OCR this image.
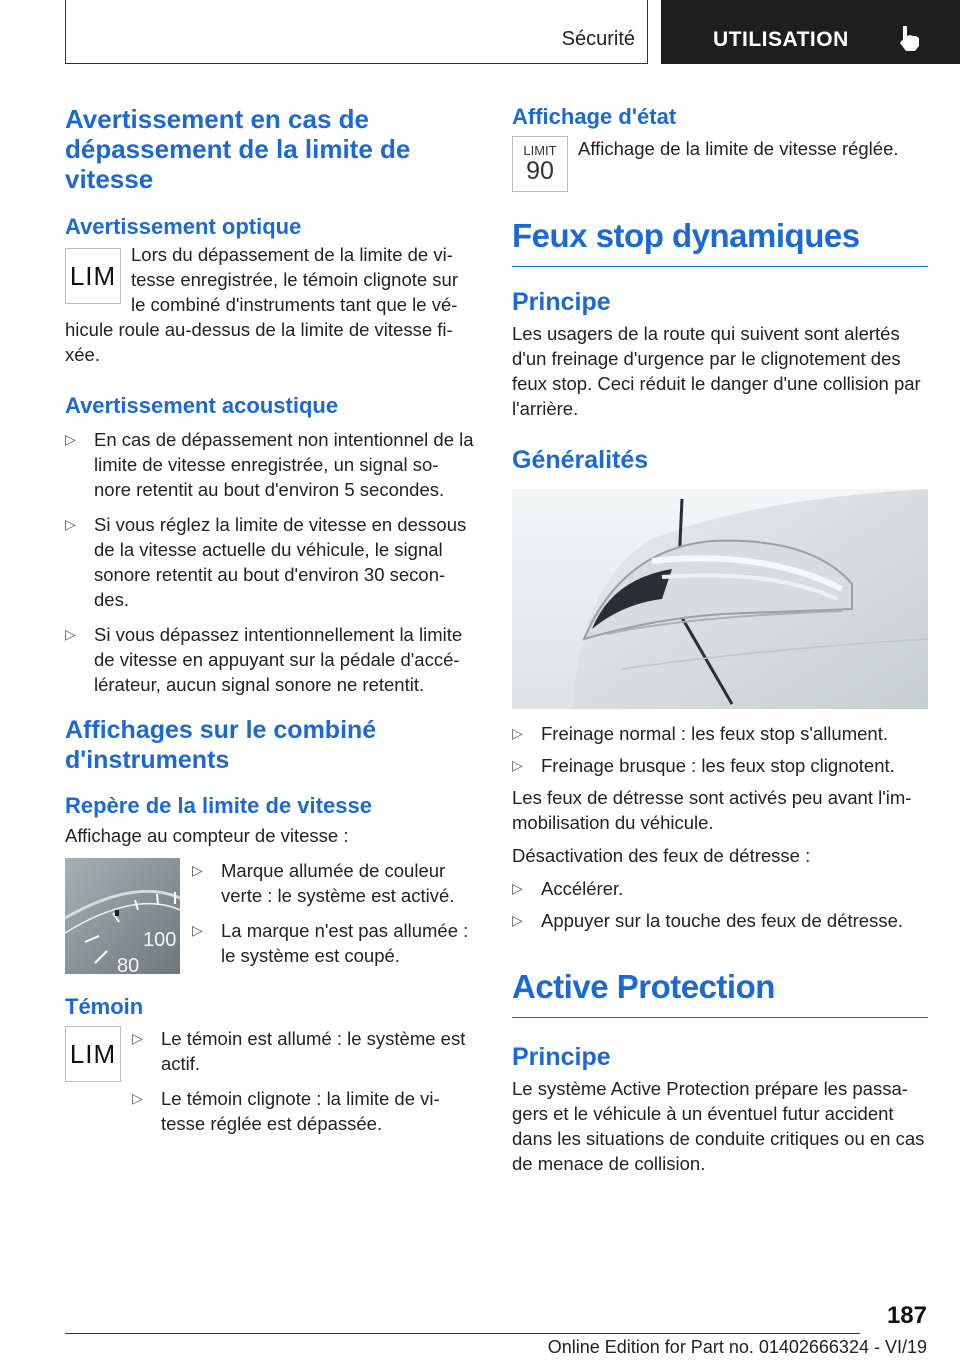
Sécurité	UTILISATION
Avertissement en cas de dépassement de la limite de vitesse
Avertissement optique
LIM

Lors du dépassement de la limite de vi-tesse enregistrée, le témoin clignote sur le combiné d'instruments tant que le vé-hicule roule au-dessus de la limite de vitesse fi-xée.

Avertissement acoustique
▷ En cas de dépassement non intentionnel de la limite de vitesse enregistrée, un signal so-nore retentit au bout d'environ 5 secondes.
▷ Si vous réglez la limite de vitesse en dessous de la vitesse actuelle du véhicule, le signal sonore retentit au bout d'environ 30 secon-des.
▷ Si vous dépassez intentionnellement la limite de vitesse en appuyant sur la pédale d'accé-lérateur, aucun signal sonore ne retentit.
Affichages sur le combiné d'instruments
Repère de la limite de vitesse

Affichage au compteur de vitesse :

100
80
▷ Marque allumée de couleur verte : le système est activé.
▷ La marque n'est pas allumée : le système est coupé.
Témoin
LIM
▷ Le témoin est allumé : le système est actif.
▷ Le témoin clignote : la limite de vi-tesse réglée est dépassée.
Affichage d'état
LIMIT
90

Affichage de la limite de vitesse réglée.

Feux stop dynamiques
Principe

Les usagers de la route qui suivent sont alertés d'un freinage d'urgence par le clignotement des feux stop. Ceci réduit le danger d'une collision par l'arrière.

Généralités
▷ Freinage normal : les feux stop s'allument.
▷ Freinage brusque : les feux stop clignotent.

Les feux de détresse sont activés peu avant l'im-mobilisation du véhicule.

Désactivation des feux de détresse :

▷ Accélérer.
▷ Appuyer sur la touche des feux de détresse.
Active Protection
Principe

Le système Active Protection prépare les passa-gers et le véhicule à un éventuel futur accident dans les situations de conduite critiques ou en cas de menace de collision.

187
Online Edition for Part no. 01402666324 - VI/19
